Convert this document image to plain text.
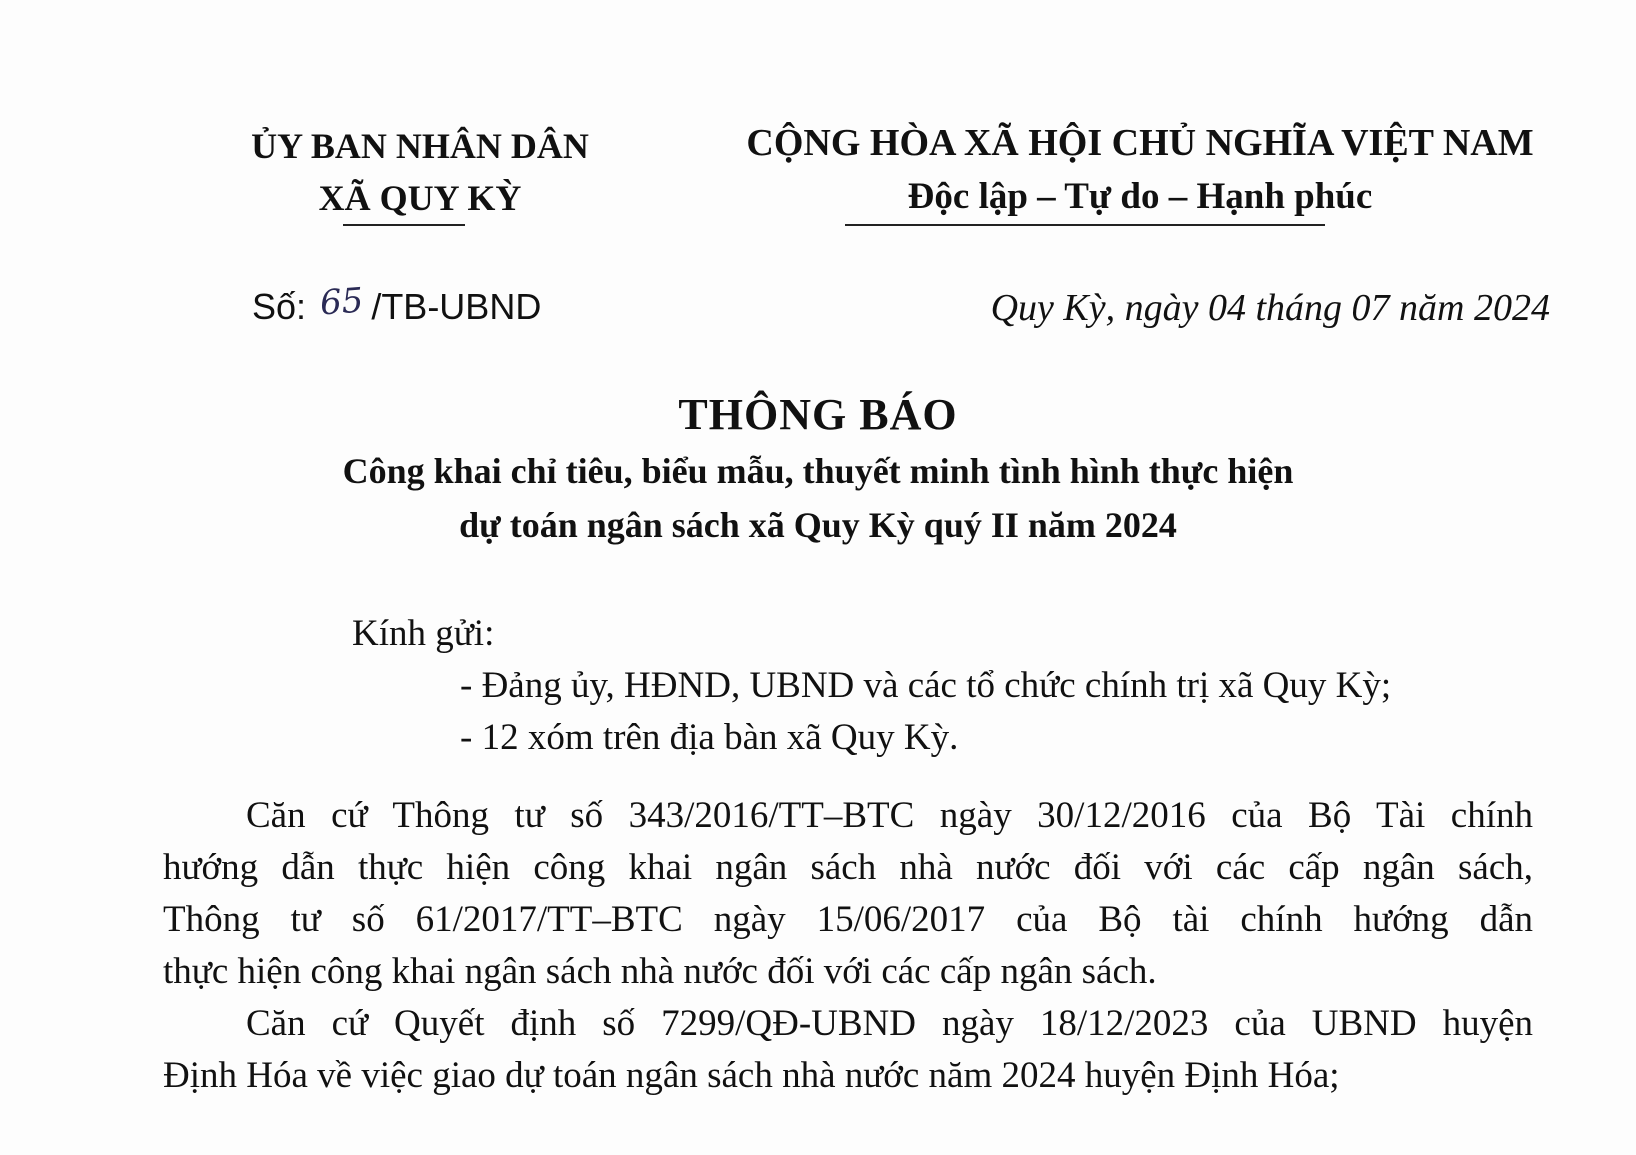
ỦY BAN NHÂN DÂN
XÃ QUY KỲ
CỘNG HÒA XÃ HỘI CHỦ NGHĨA VIỆT NAM
Độc lập – Tự do – Hạnh phúc
Số: 65 /TB-UBND	Quy Kỳ, ngày 04 tháng 07 năm 2024
THÔNG BÁO
Công khai chỉ tiêu, biểu mẫu, thuyết minh tình hình thực hiện
dự toán ngân sách xã Quy Kỳ quý II năm 2024
Kính gửi:
- Đảng ủy, HĐND, UBND và các tổ chức chính trị xã Quy Kỳ;
- 12 xóm trên địa bàn xã Quy Kỳ.
Căn cứ Thông tư số 343/2016/TT–BTC ngày 30/12/2016 của Bộ Tài chính
hướng dẫn thực hiện công khai ngân sách nhà nước đối với các cấp ngân sách,
Thông tư số 61/2017/TT–BTC ngày 15/06/2017 của Bộ tài chính hướng dẫn
thực hiện công khai ngân sách nhà nước đối với các cấp ngân sách.
Căn cứ Quyết định số 7299/QĐ-UBND ngày 18/12/2023 của UBND huyện
Định Hóa về việc giao dự toán ngân sách nhà nước năm 2024 huyện Định Hóa;
